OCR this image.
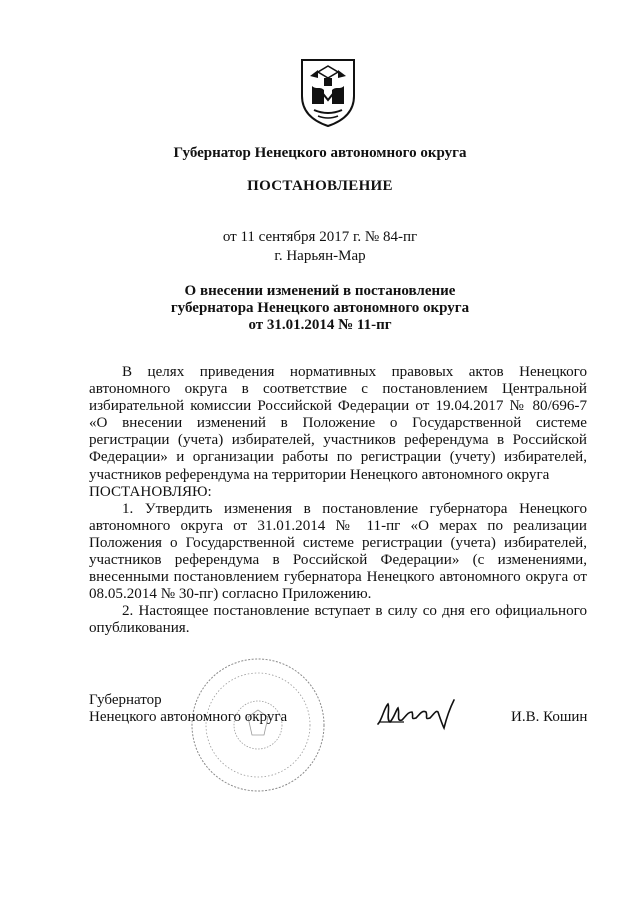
Губернатор Ненецкого автономного округа
ПОСТАНОВЛЕНИЕ
от 11 сентября 2017 г. № 84-пг
г. Нарьян-Мар
О внесении изменений в постановление
губернатора Ненецкого автономного округа
от 31.01.2014 № 11-пг

В целях приведения нормативных правовых актов Ненецкого автономного округа в соответствие с постановлением Центральной избирательной комиссии Российской Федерации от 19.04.2017 № 80/696-7 «О внесении изменений в Положение о Государственной системе регистрации (учета) избирателей, участников референдума в Российской Федерации» и организации работы по регистрации (учету) избирателей, участников референдума на территории Ненецкого автономного округа

ПОСТАНОВЛЯЮ:

1. Утвердить изменения в постановление губернатора Ненецкого автономного округа от 31.01.2014 № 11-пг «О мерах по реализации Положения о Государственной системе регистрации (учета) избирателей, участников референдума в Российской Федерации» (с изменениями, внесенными постановлением губернатора Ненецкого автономного округа от 08.05.2014 № 30-пг) согласно Приложению.

2. Настоящее постановление вступает в силу со дня его официального опубликования.

Губернатор
Ненецкого автономного округа	И.В. Кошин
